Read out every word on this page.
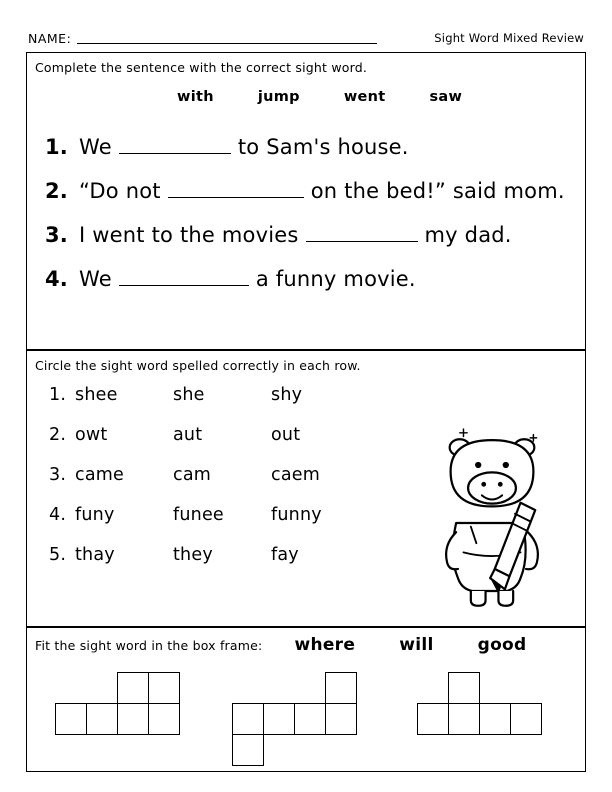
NAME:	Sight Word Mixed Review
Complete the sentence with the correct sight word.
with	jump	went	saw
1. We	to Sam's house.
2. “Do not	on the bed!” said mom.
3. I went to the movies	my dad.
4. We	a funny movie.
Circle the sight word spelled correctly in each row.
1. shee	she	shy
2. owt	aut	out
3. came	cam	caem
4. funy	funee	funny
5. thay	they	fay
Fit the sight word in the box frame: where	will	good
